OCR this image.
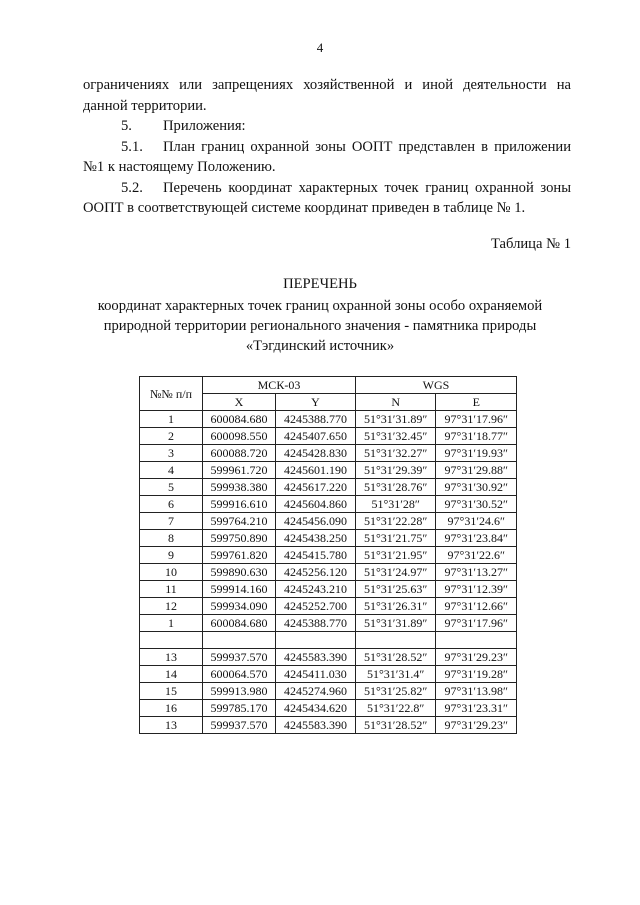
4

ограничениях или запрещениях хозяйственной и иной деятельности на данной территории.

5. Приложения:

5.1. План границ охранной зоны ООПТ представлен в приложении №1 к настоящему Положению.

5.2. Перечень координат характерных точек границ охранной зоны ООПТ в соответствующей системе координат приведен в таблице № 1.

Таблица № 1
ПЕРЕЧЕНЬ
координат характерных точек границ охранной зоны особо охраняемой
природной территории регионального значения - памятника природы
«Тэгдинский источник»
№№ п/п	МСК-03		WGS	
	X	Y	N	E
1	600084.680	4245388.770	51°31′31.89″	97°31′17.96″
2	600098.550	4245407.650	51°31′32.45″	97°31′18.77″
3	600088.720	4245428.830	51°31′32.27″	97°31′19.93″
4	599961.720	4245601.190	51°31′29.39″	97°31′29.88″
5	599938.380	4245617.220	51°31′28.76″	97°31′30.92″
6	599916.610	4245604.860	51°31′28″	97°31′30.52″
7	599764.210	4245456.090	51°31′22.28″	97°31′24.6″
8	599750.890	4245438.250	51°31′21.75″	97°31′23.84″
9	599761.820	4245415.780	51°31′21.95″	97°31′22.6″
10	599890.630	4245256.120	51°31′24.97″	97°31′13.27″
11	599914.160	4245243.210	51°31′25.63″	97°31′12.39″
12	599934.090	4245252.700	51°31′26.31″	97°31′12.66″
1	600084.680	4245388.770	51°31′31.89″	97°31′17.96″

13	599937.570	4245583.390	51°31′28.52″	97°31′29.23″
14	600064.570	4245411.030	51°31′31.4″	97°31′19.28″
15	599913.980	4245274.960	51°31′25.82″	97°31′13.98″
16	599785.170	4245434.620	51°31′22.8″	97°31′23.31″
13	599937.570	4245583.390	51°31′28.52″	97°31′29.23″
